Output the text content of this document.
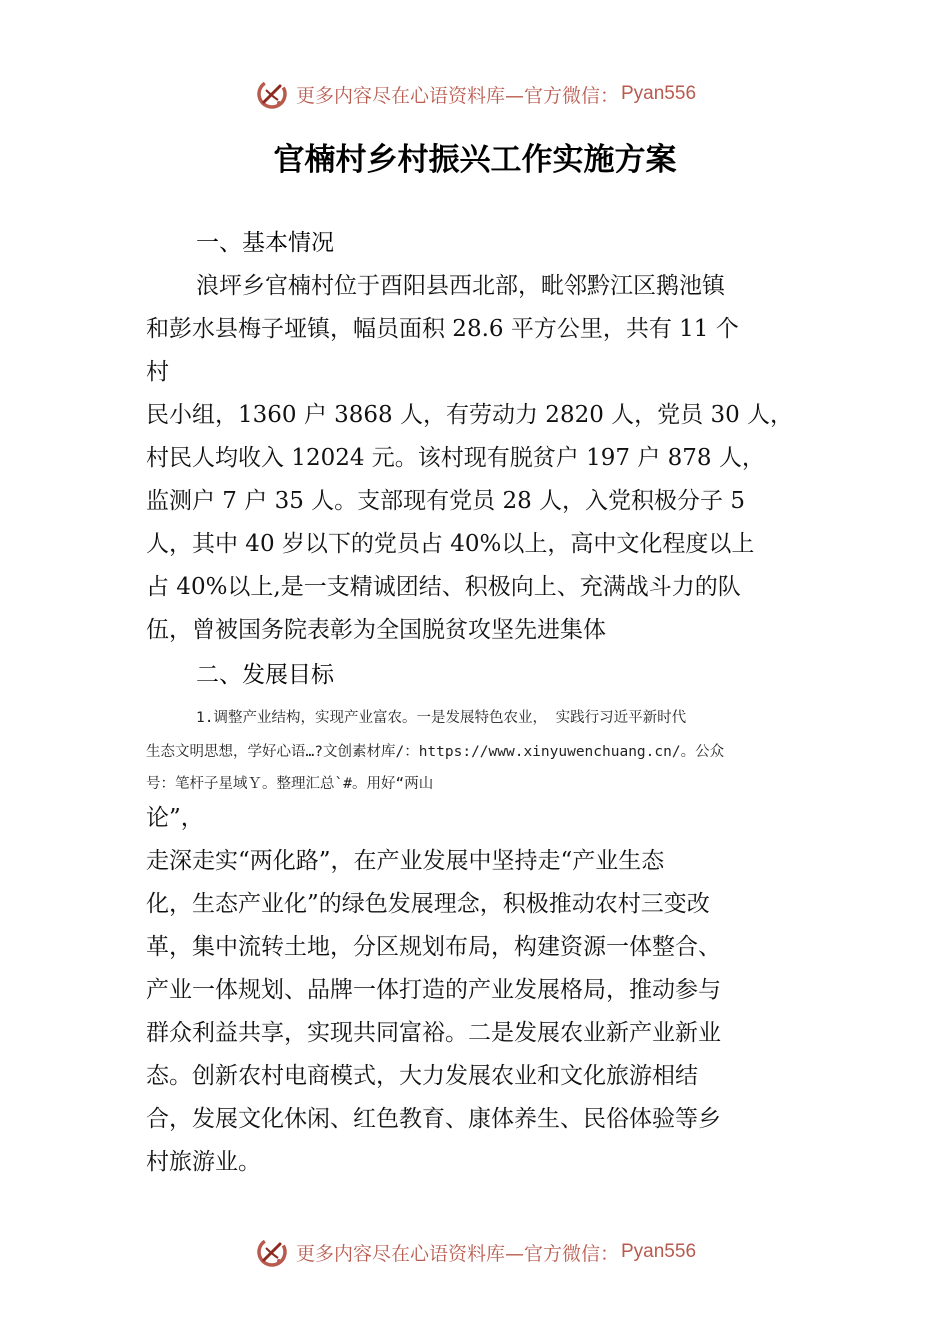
更多内容尽在心语资料库—官方微信： Pyan556
官楠村乡村振兴工作实施方案
一、基本情况
浪坪乡官楠村位于酉阳县西北部，毗邻黔江区鹅池镇
和彭水县梅子垭镇，幅员面积 28.6 平方公里，共有 11 个
村
民小组，1360 户 3868 人，有劳动力 2820 人，党员 30 人，
村民人均收入 12024 元。该村现有脱贫户 197 户 878 人，
监测户 7 户 35 人。支部现有党员 28 人，入党积极分子 5
人，其中 40 岁以下的党员占 40%以上，高中文化程度以上
占 40%以上,是一支精诚团结、积极向上、充满战斗力的队
伍，曾被国务院表彰为全国脱贫攻坚先进集体
二、发展目标
1.调整产业结构，实现产业富农。一是发展特色农业， 实践行习近平新时代
生态文明思想，学好心语…?文创素材库/：https://www.xinyuwenchuang.cn/。公众
号：笔杆子星域Ｙ。整理汇总`#。用好“两山
论”，
走深走实“两化路”，在产业发展中坚持走“产业生态
化，生态产业化”的绿色发展理念，积极推动农村三变改
革，集中流转土地，分区规划布局，构建资源一体整合、
产业一体规划、品牌一体打造的产业发展格局，推动参与
群众利益共享，实现共同富裕。二是发展农业新产业新业
态。创新农村电商模式，大力发展农业和文化旅游相结
合，发展文化休闲、红色教育、康体养生、民俗体验等乡
村旅游业。
更多内容尽在心语资料库—官方微信： Pyan556
